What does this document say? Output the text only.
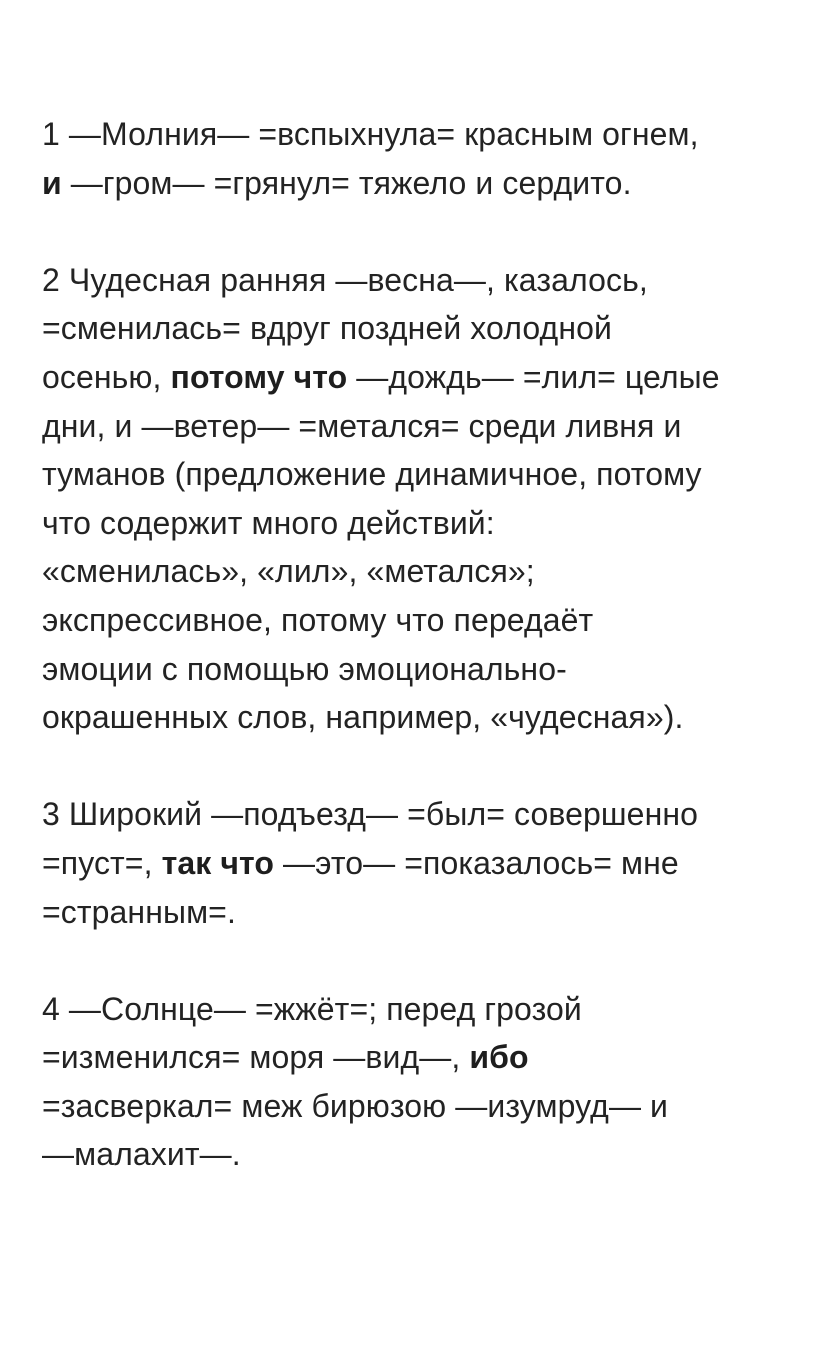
1 —Молния— =вспыхнула= красным огнем,
и —гром— =грянул= тяжело и сердито.
2 Чудесная ранняя —весна—, казалось,
=сменилась= вдруг поздней холодной
осенью, потому что —дождь— =лил= целые
дни, и —ветер— =метался= среди ливня и
туманов (предложение динамичное, потому
что содержит много действий:
«сменилась», «лил», «метался»;
экспрессивное, потому что передаёт
эмоции с помощью эмоционально-
окрашенных слов, например, «чудесная»).
3 Широкий —подъезд— =был= совершенно
=пуст=, так что —это— =показалось= мне
=странным=.
4 —Солнце— =жжёт=; перед грозой
=изменился= моря —вид—, ибо
=засверкал= меж бирюзою —изумруд— и
—малахит—.
